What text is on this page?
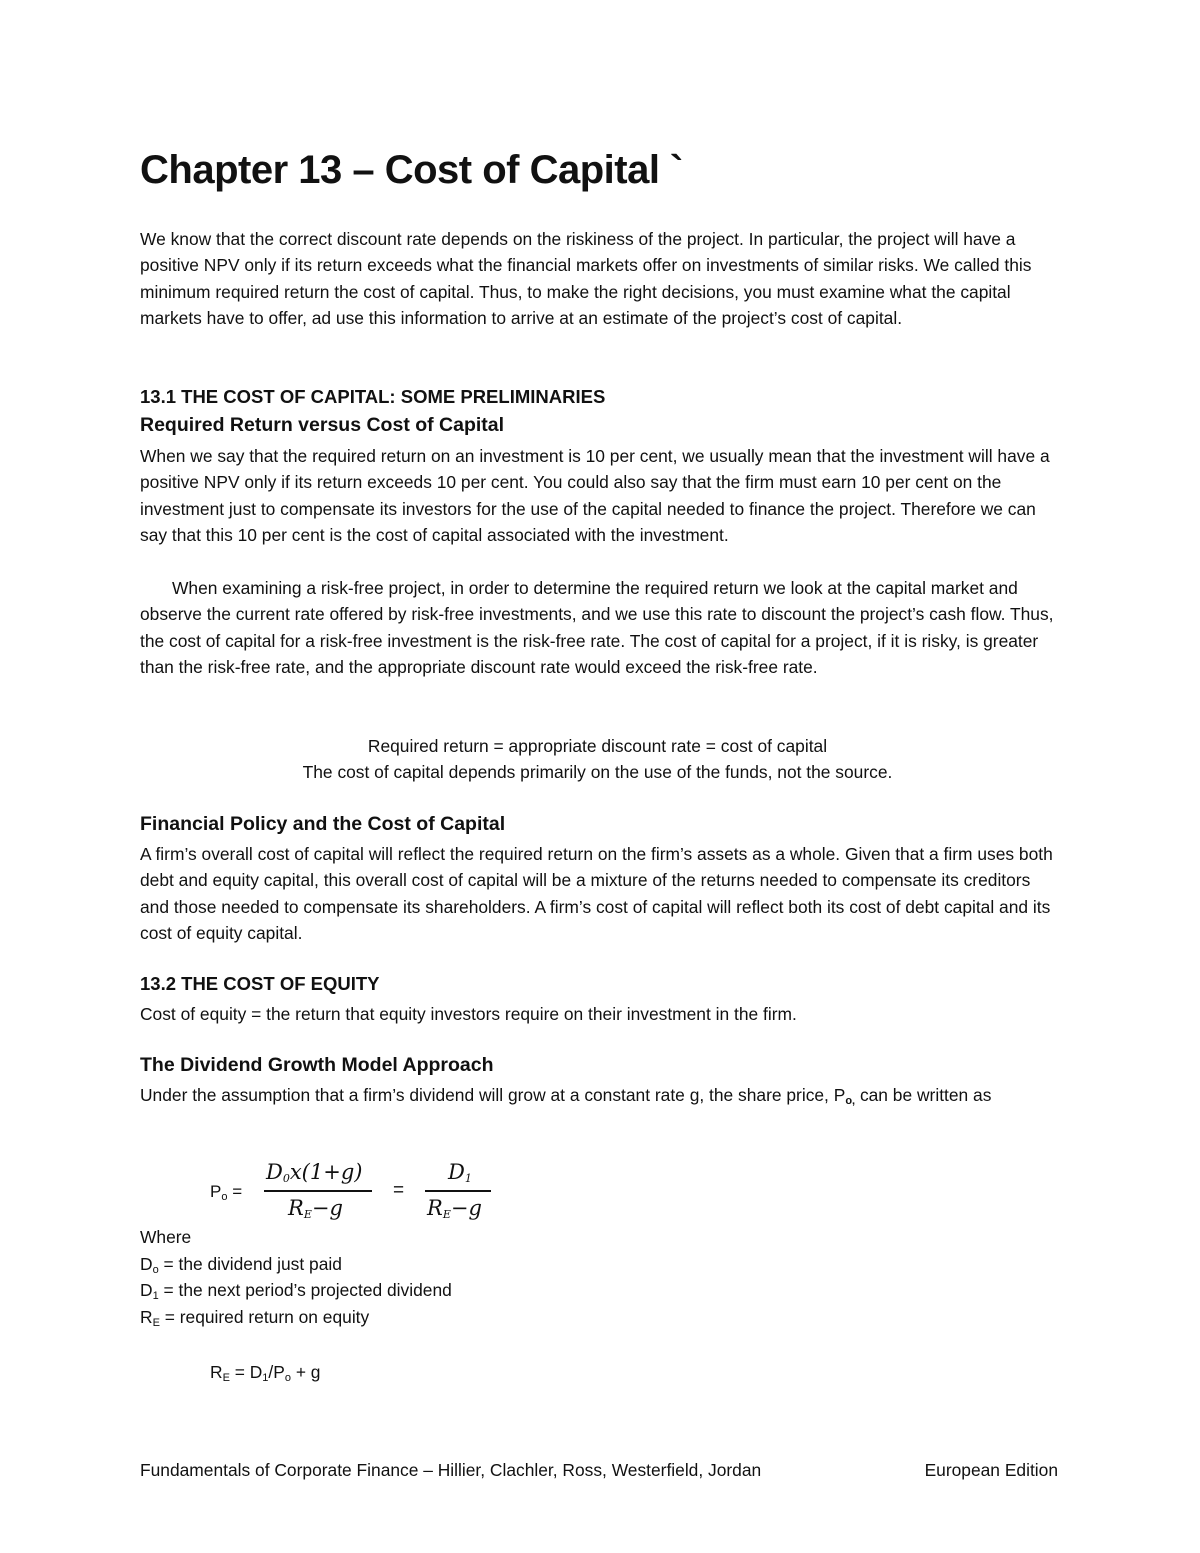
Chapter 13 – Cost of Capital `

We know that the correct discount rate depends on the riskiness of the project. In particular, the project will have a positive NPV only if its return exceeds what the financial markets offer on investments of similar risks. We called this minimum required return the cost of capital. Thus, to make the right decisions, you must examine what the capital markets have to offer, ad use this information to arrive at an estimate of the project’s cost of capital.

13.1 THE COST OF CAPITAL: SOME PRELIMINARIES
Required Return versus Cost of Capital

When we say that the required return on an investment is 10 per cent, we usually mean that the investment will have a positive NPV only if its return exceeds 10 per cent. You could also say that the firm must earn 10 per cent on the investment just to compensate its investors for the use of the capital needed to finance the project. Therefore we can say that this 10 per cent is the cost of capital associated with the investment.

When examining a risk-free project, in order to determine the required return we look at the capital market and observe the current rate offered by risk-free investments, and we use this rate to discount the project’s cash flow. Thus, the cost of capital for a risk-free investment is the risk-free rate. The cost of capital for a project, if it is risky, is greater than the risk-free rate, and the appropriate discount rate would exceed the risk-free rate.

Required return = appropriate discount rate = cost of capital

The cost of capital depends primarily on the use of the funds, not the source.

Financial Policy and the Cost of Capital

A firm’s overall cost of capital will reflect the required return on the firm’s assets as a whole. Given that a firm uses both debt and equity capital, this overall cost of capital will be a mixture of the returns needed to compensate its creditors and those needed to compensate its shareholders. A firm’s cost of capital will reflect both its cost of debt capital and its cost of equity capital.

13.2 THE COST OF EQUITY

Cost of equity = the return that equity investors require on their investment in the firm.

The Dividend Growth Model Approach

Under the assumption that a firm’s dividend will grow at a constant rate g, the share price, $P_{o,}$ can be written as

$P_o$ =
$D_0x(1+g)$
$R_E-g$
=
$D_1$
$R_E-g$

Where

$D_o$ = the dividend just paid

$D_1$ = the next period’s projected dividend

$R_E$ = required return on equity

$R_E = D_1/P_o + g$

Fundamentals of Corporate Finance – Hillier, Clachler, Ross, Westerfield, Jordan	European Edition
